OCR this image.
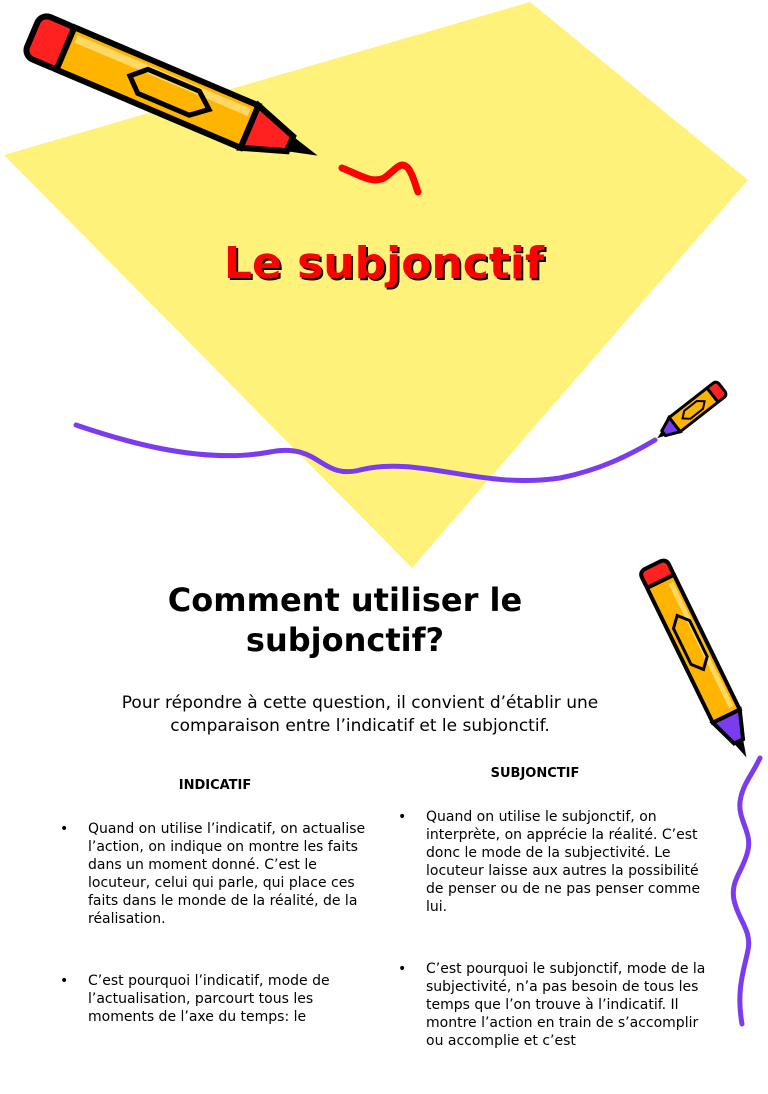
Le subjonctif
Comment utiliser le
subjonctif?

Pour répondre à cette question, il convient d’établir une
comparaison entre l’indicatif et le subjonctif.

INDICATIF
SUBJONCTIF
• Quand on utilise l’indicatif, on actualise l’action, on indique on montre les faits dans un moment donné. C’est le locuteur, celui qui parle, qui place ces faits dans le monde de la réalité, de la réalisation.
• C’est pourquoi l’indicatif, mode de l’actualisation, parcourt tous les moments de l’axe du temps: le
• Quand on utilise le subjonctif, on interprète, on apprécie la réalité. C’est donc le mode de la subjectivité. Le locuteur laisse aux autres la possibilité de penser ou de ne pas penser comme lui.
• C’est pourquoi le subjonctif, mode de la subjectivité, n’a pas besoin de tous les temps que l’on trouve à l’indicatif. Il montre l’action en train de s’accomplir ou accomplie et c’est
